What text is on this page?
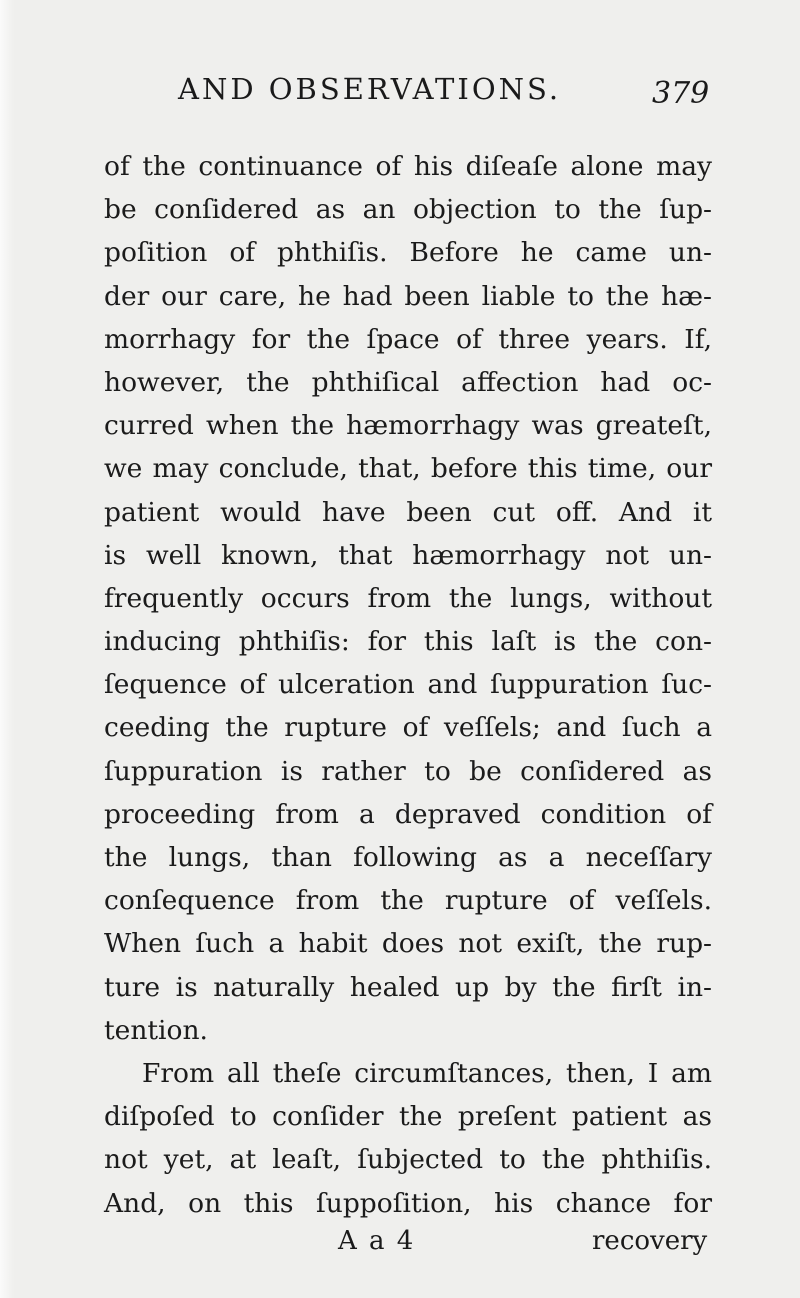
AND OBSERVATIONS.	379
of the continuance of his diſeaſe alone may
be conſidered as an objection to the ſup-
poſition of phthiſis. Before he came un-
der our care, he had been liable to the hæ-
morrhagy for the ſpace of three years. If,
however, the phthiſical affection had oc-
curred when the hæmorrhagy was greateſt,
we may conclude, that, before this time, our
patient would have been cut off. And it
is well known, that hæmorrhagy not un-
frequently occurs from the lungs, without
inducing phthiſis: for this laſt is the con-
ſequence of ulceration and ſuppuration ſuc-
ceeding the rupture of veſſels; and ſuch a
ſuppuration is rather to be conſidered as
proceeding from a depraved condition of
the lungs, than following as a neceſſary
conſequence from the rupture of veſſels.
When ſuch a habit does not exiſt, the rup-
ture is naturally healed up by the firſt in-
tention.
From all theſe circumſtances, then, I am
diſpoſed to conſider the preſent patient as
not yet, at leaſt, ſubjected to the phthiſis.
And, on this ſuppoſition, his chance for
A a 4	recovery
